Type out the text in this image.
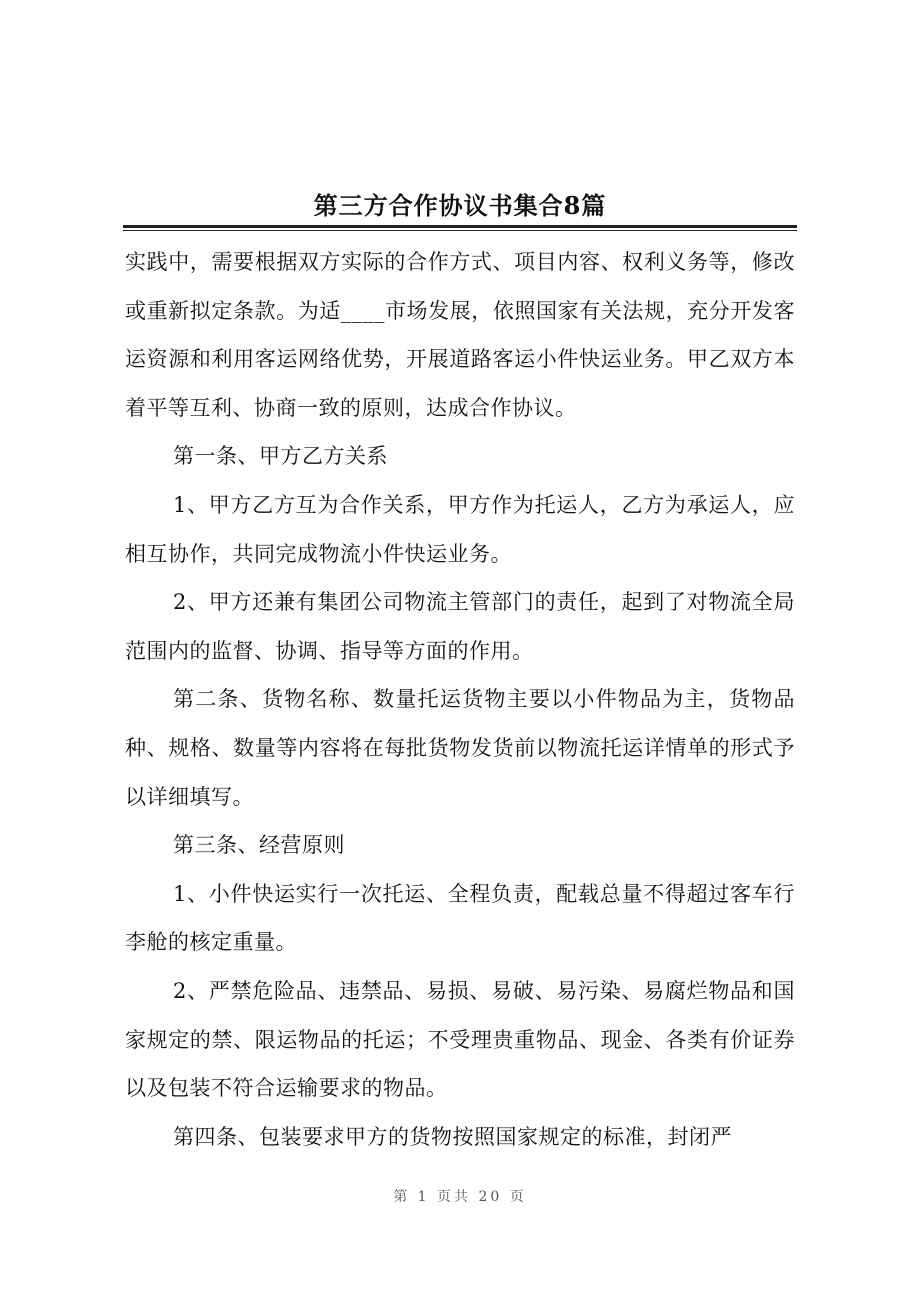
第三方合作协议书集合8篇

实践中，需要根据双方实际的合作方式、项目内容、权利义务等，修改或重新拟定条款。为适____市场发展，依照国家有关法规，充分开发客运资源和利用客运网络优势，开展道路客运小件快运业务。甲乙双方本着平等互利、协商一致的原则，达成合作协议。

第一条、甲方乙方关系

1、甲方乙方互为合作关系，甲方作为托运人，乙方为承运人，应相互协作，共同完成物流小件快运业务。

2、甲方还兼有集团公司物流主管部门的责任，起到了对物流全局范围内的监督、协调、指导等方面的作用。

第二条、货物名称、数量托运货物主要以小件物品为主，货物品种、规格、数量等内容将在每批货物发货前以物流托运详情单的形式予以详细填写。

第三条、经营原则

1、小件快运实行一次托运、全程负责，配载总量不得超过客车行李舱的核定重量。

2、严禁危险品、违禁品、易损、易破、易污染、易腐烂物品和国家规定的禁、限运物品的托运；不受理贵重物品、现金、各类有价证券以及包装不符合运输要求的物品。

第四条、包装要求甲方的货物按照国家规定的标准，封闭严

第 1 页共 20 页
